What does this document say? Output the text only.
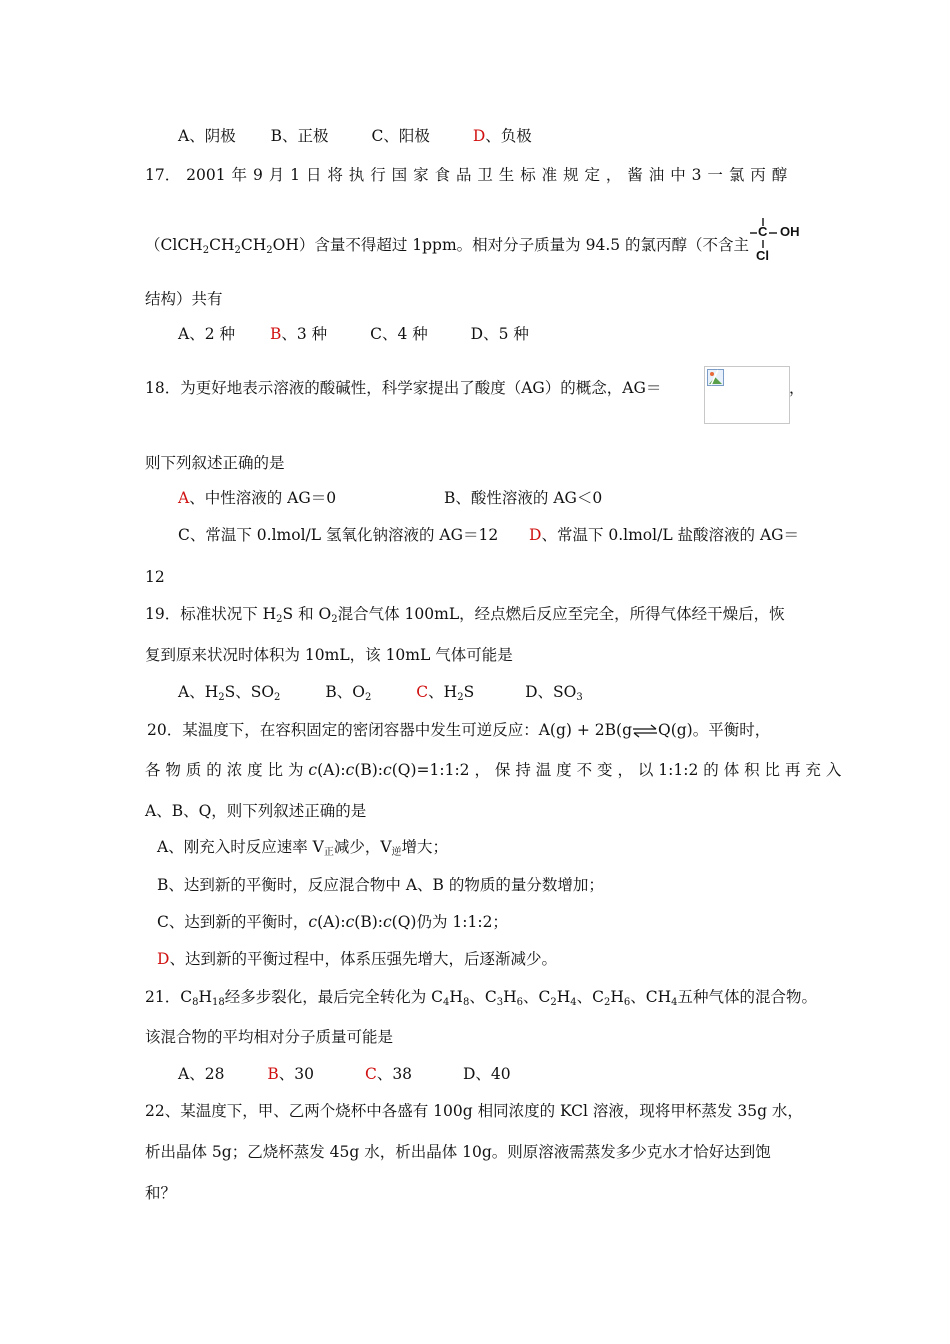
A、阴极 B、正极	C、阳极	D、负极
17． 2001 年 9 月 1 日 将 执 行 国 家 食 品 卫 生 标 准 规 定 ， 酱 油 中 3 一 氯 丙 醇
$(ClCH_2CH_2CH_2OH)$含量不得超过 1ppm。相对分子质量为 94.5 的氯丙醇（不含主
C OH
Cl
结构）共有
A、2 种 B、3 种	C、4 种	D、5 种
18．为更好地表示溶液的酸碱性，科学家提出了酸度（AG）的概念，AG＝	，
则下列叙述正确的是
A、中性溶液的 AG＝0	B、酸性溶液的 AG＜0
C、常温下 0.lmol/L 氢氧化钠溶液的 AG＝12 D、常温下 0.lmol/L 盐酸溶液的 AG＝
12
19．标准状况下 $H_2S$ 和 $O_2$混合气体 100mL，经点燃后反应至完全，所得气体经干燥后，恢
复到原来状况时体积为 10mL，该 10mL 气体可能是
A、$H_2S$、$SO_2$	B、$O_2$	C、$H_2S$	D、$SO_3$
20．某温度下，在容积固定的密闭容器中发生可逆反应：A(g) + 2B(g⇌Q(g)。平衡时，
各 物 质 的 浓 度 比 为 c(A):c(B):c(Q)=1:1:2 ， 保 持 温 度 不 变 ， 以 1:1:2 的 体 积 比 再 充 入
A、B、Q，则下列叙述正确的是
A、刚充入时反应速率 $V_正$减少，$V_逆$增大；
B、达到新的平衡时，反应混合物中 A、B 的物质的量分数增加；
C、达到新的平衡时，c(A):c(B):c(Q)仍为 1:1:2；
D、达到新的平衡过程中，体系压强先增大，后逐渐减少。
21．$C_8H_{18}$经多步裂化，最后完全转化为 $C_4H_8$、$C_3H_6$、$C_2H_4$、$C_2H_6$、$CH_4$五种气体的混合物。
该混合物的平均相对分子质量可能是
A、28	B、30	C、38	D、40
22、某温度下，甲、乙两个烧杯中各盛有 100g 相同浓度的 KCl 溶液，现将甲杯蒸发 35g 水，
析出晶体 5g；乙烧杯蒸发 45g 水，析出晶体 10g。则原溶液需蒸发多少克水才恰好达到饱
和？
